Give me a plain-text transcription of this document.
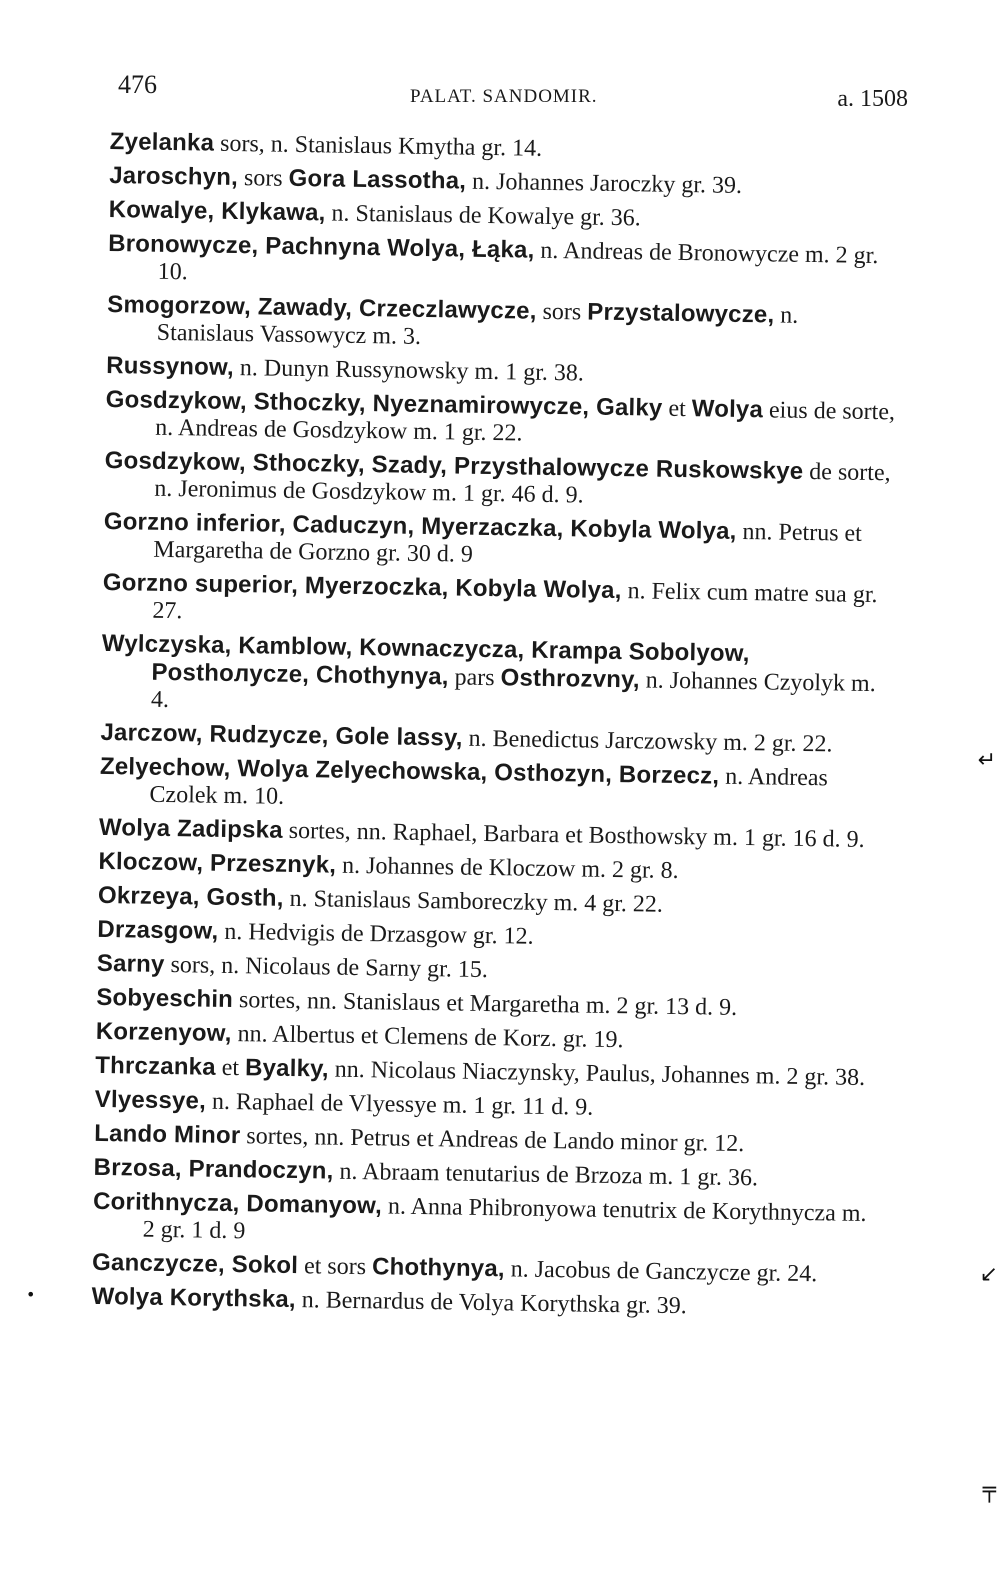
476	PALAT. SANDOMIR.	a. 1508

Zyelanka sors, n. Stanislaus Kmytha gr. 14.

Jaroschyn, sors Gora Lassotha, n. Johannes Jaroczky gr. 39.

Kowalye, Klykawa, n. Stanislaus de Kowalye gr. 36.

Bronowycze, Pachnyna Wolya, Łąka, n. Andreas de Bronowycze m. 2 gr. 10.

Smogorzow, Zawady, Crzeczlawycze, sors Przystalowycze, n. Stanislaus Vassowycz m. 3.

Russynow, n. Dunyn Russynowsky m. 1 gr. 38.

Gosdzykow, Sthoczky, Nyeznamirowycze, Galky et Wolya eius de sorte, n. Andreas de Gosdzykow m. 1 gr. 22.

Gosdzykow, Sthoczky, Szady, Przysthalowycze Ruskowskye de sorte, n. Jeronimus de Gosdzykow m. 1 gr. 46 d. 9.

Gorzno inferior, Caduczyn, Myerzaczka, Kobyla Wolya, nn. Petrus et Margaretha de Gorzno gr. 30 d. 9

Gorzno superior, Myerzoczka, Kobyla Wolya, n. Felix cum matre sua gr. 27.

Wylczyska, Kamblow, Kownaczycza, Krampa Sobolyow, Posthoлycze, Chothynya, pars Osthrozvny, n. Johannes Czyolyk m. 4.

Jarczow, Rudzycze, Gole lassy, n. Benedictus Jarczowsky m. 2 gr. 22.

Zelyechow, Wolya Zelyechowska, Osthozyn, Borzecz, n. Andreas Czolek m. 10.

Wolya Zadipska sortes, nn. Raphael, Barbara et Bosthowsky m. 1 gr. 16 d. 9.

Kloczow, Przesznyk, n. Johannes de Kloczow m. 2 gr. 8.

Okrzeya, Gosth, n. Stanislaus Samboreczky m. 4 gr. 22.

Drzasgow, n. Hedvigis de Drzasgow gr. 12.

Sarny sors, n. Nicolaus de Sarny gr. 15.

Sobyeschin sortes, nn. Stanislaus et Margaretha m. 2 gr. 13 d. 9.

Korzenyow, nn. Albertus et Clemens de Korz. gr. 19.

Thrczanka et Byalky, nn. Nicolaus Niaczynsky, Paulus, Johannes m. 2 gr. 38.

Vlyessye, n. Raphael de Vlyessye m. 1 gr. 11 d. 9.

Lando Minor sortes, nn. Petrus et Andreas de Lando minor gr. 12.

Brzosa, Prandoczyn, n. Abraam tenutarius de Brzoza m. 1 gr. 36.

Corithnycza, Domanyow, n. Anna Phibronyowa tenutrix de Korythnycza m. 2 gr. 1 d. 9

Ganczycze, Sokol et sors Chothynya, n. Jacobus de Ganczycze gr. 24.

Wolya Korythska, n. Bernardus de Volya Korythska gr. 39.

↵
↙
╤
•
